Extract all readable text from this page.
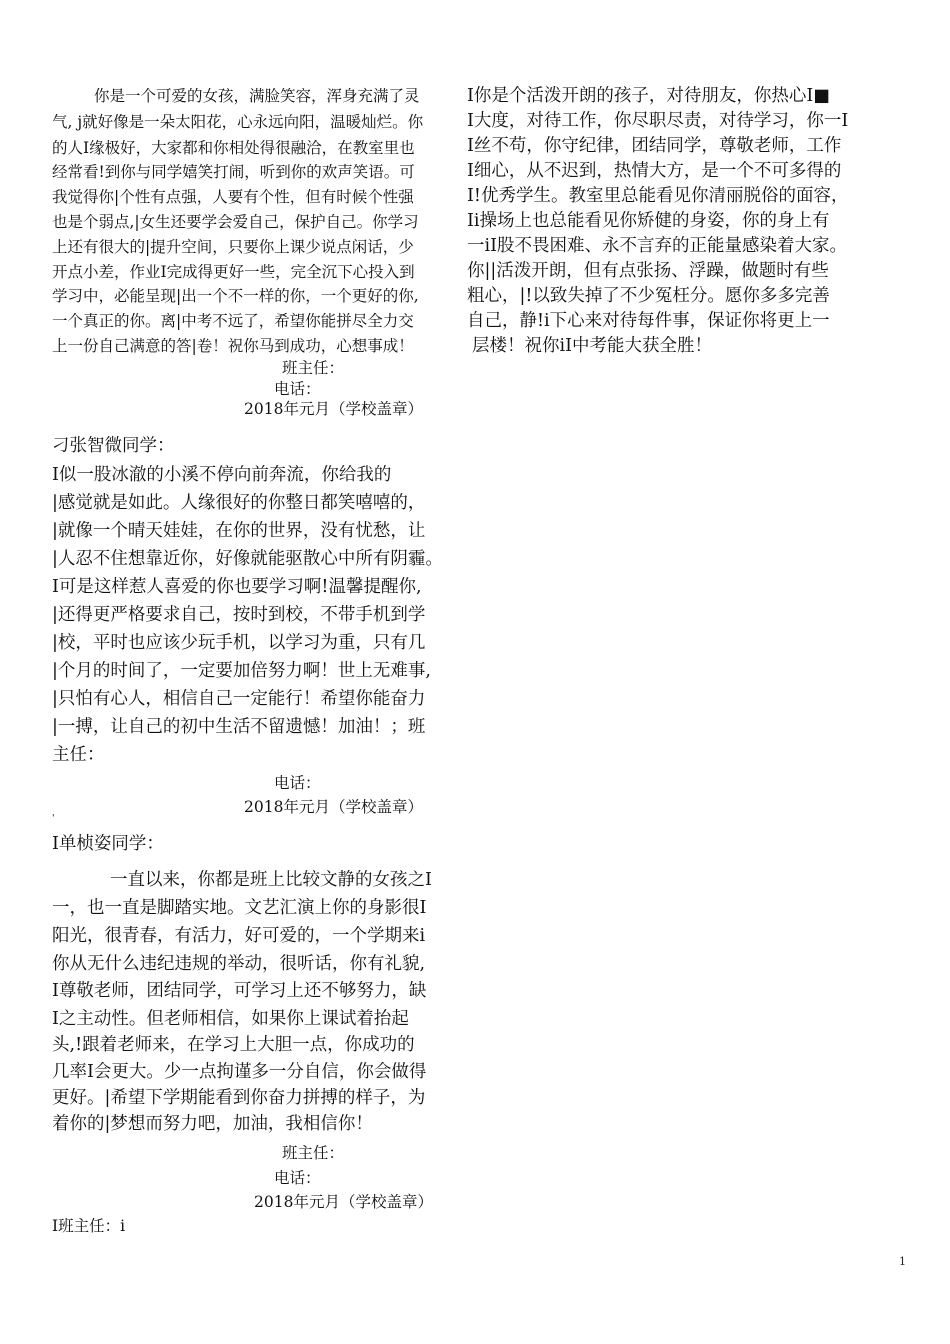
你是一个可爱的女孩，满脸笑容，浑身充满了灵

气, j就好像是一朵太阳花，心永远向阳，温暖灿烂。你

的人I缘极好，大家都和你相处得很融洽，在教室里也

经常看!到你与同学嬉笑打闹，听到你的欢声笑语。可

我觉得你|个性有点强，人要有个性，但有时候个性强

也是个弱点,|女生还要学会爱自己，保护自己。你学习

上还有很大的|提升空间，只要你上课少说点闲话，少

开点小差，作业I完成得更好一些，完全沉下心投入到

学习中，必能呈现|出一个不一样的你，一个更好的你,

一个真正的你。离|中考不远了，希望你能拼尽全力交

上一份自己满意的答|卷！祝你马到成功，心想事成！

班主任：

电话：

2018年元月（学校盖章）

I你是个活泼开朗的孩子，对待朋友，你热心I■

I大度，对待工作，你尽职尽责，对待学习，你一I

I丝不苟，你守纪律，团结同学，尊敬老师，工作

I细心，从不迟到，热情大方，是一个不可多得的

I!优秀学生。教室里总能看见你清丽脱俗的面容，

Ii操场上也总能看见你矫健的身姿，你的身上有

一iI股不畏困难、永不言弃的正能量感染着大家。

你||活泼开朗，但有点张扬、浮躁，做题时有些

粗心，|!以致失掉了不少冤枉分。愿你多多完善

自己，静!i下心来对待每件事，保证你将更上一

层楼！祝你iI中考能大获全胜！

刁张智微同学：

I似一股冰澈的小溪不停向前奔流，你给我的

|感觉就是如此。人缘很好的你整日都笑嘻嘻的，

|就像一个晴天娃娃，在你的世界，没有忧愁，让

|人忍不住想靠近你，好像就能驱散心中所有阴霾。

I可是这样惹人喜爱的你也要学习啊!温馨提醒你,

|还得更严格要求自己，按时到校，不带手机到学

|校，平时也应该少玩手机，以学习为重，只有几

|个月的时间了，一定要加倍努力啊！世上无难事,

|只怕有心人，相信自己一定能行！希望你能奋力

|一搏，让自己的初中生活不留遗憾！加油！；班

主任：

电话：

2018年元月（学校盖章）

'

I单桢姿同学：

一直以来，你都是班上比较文静的女孩之I

一，也一直是脚踏实地。文艺汇演上你的身影很I

阳光，很青春，有活力，好可爱的，一个学期来i

你从无什么违纪违规的举动，很听话，你有礼貌,

I尊敬老师，团结同学，可学习上还不够努力，缺

I之主动性。但老师相信，如果你上课试着抬起

头,!跟着老师来，在学习上大胆一点，你成功的

几率I会更大。少一点拘谨多一分自信，你会做得

更好。|希望下学期能看到你奋力拼搏的样子，为

着你的|梦想而努力吧，加油，我相信你！

班主任：

电话：

2018年元月（学校盖章）

I班主任：i

1
